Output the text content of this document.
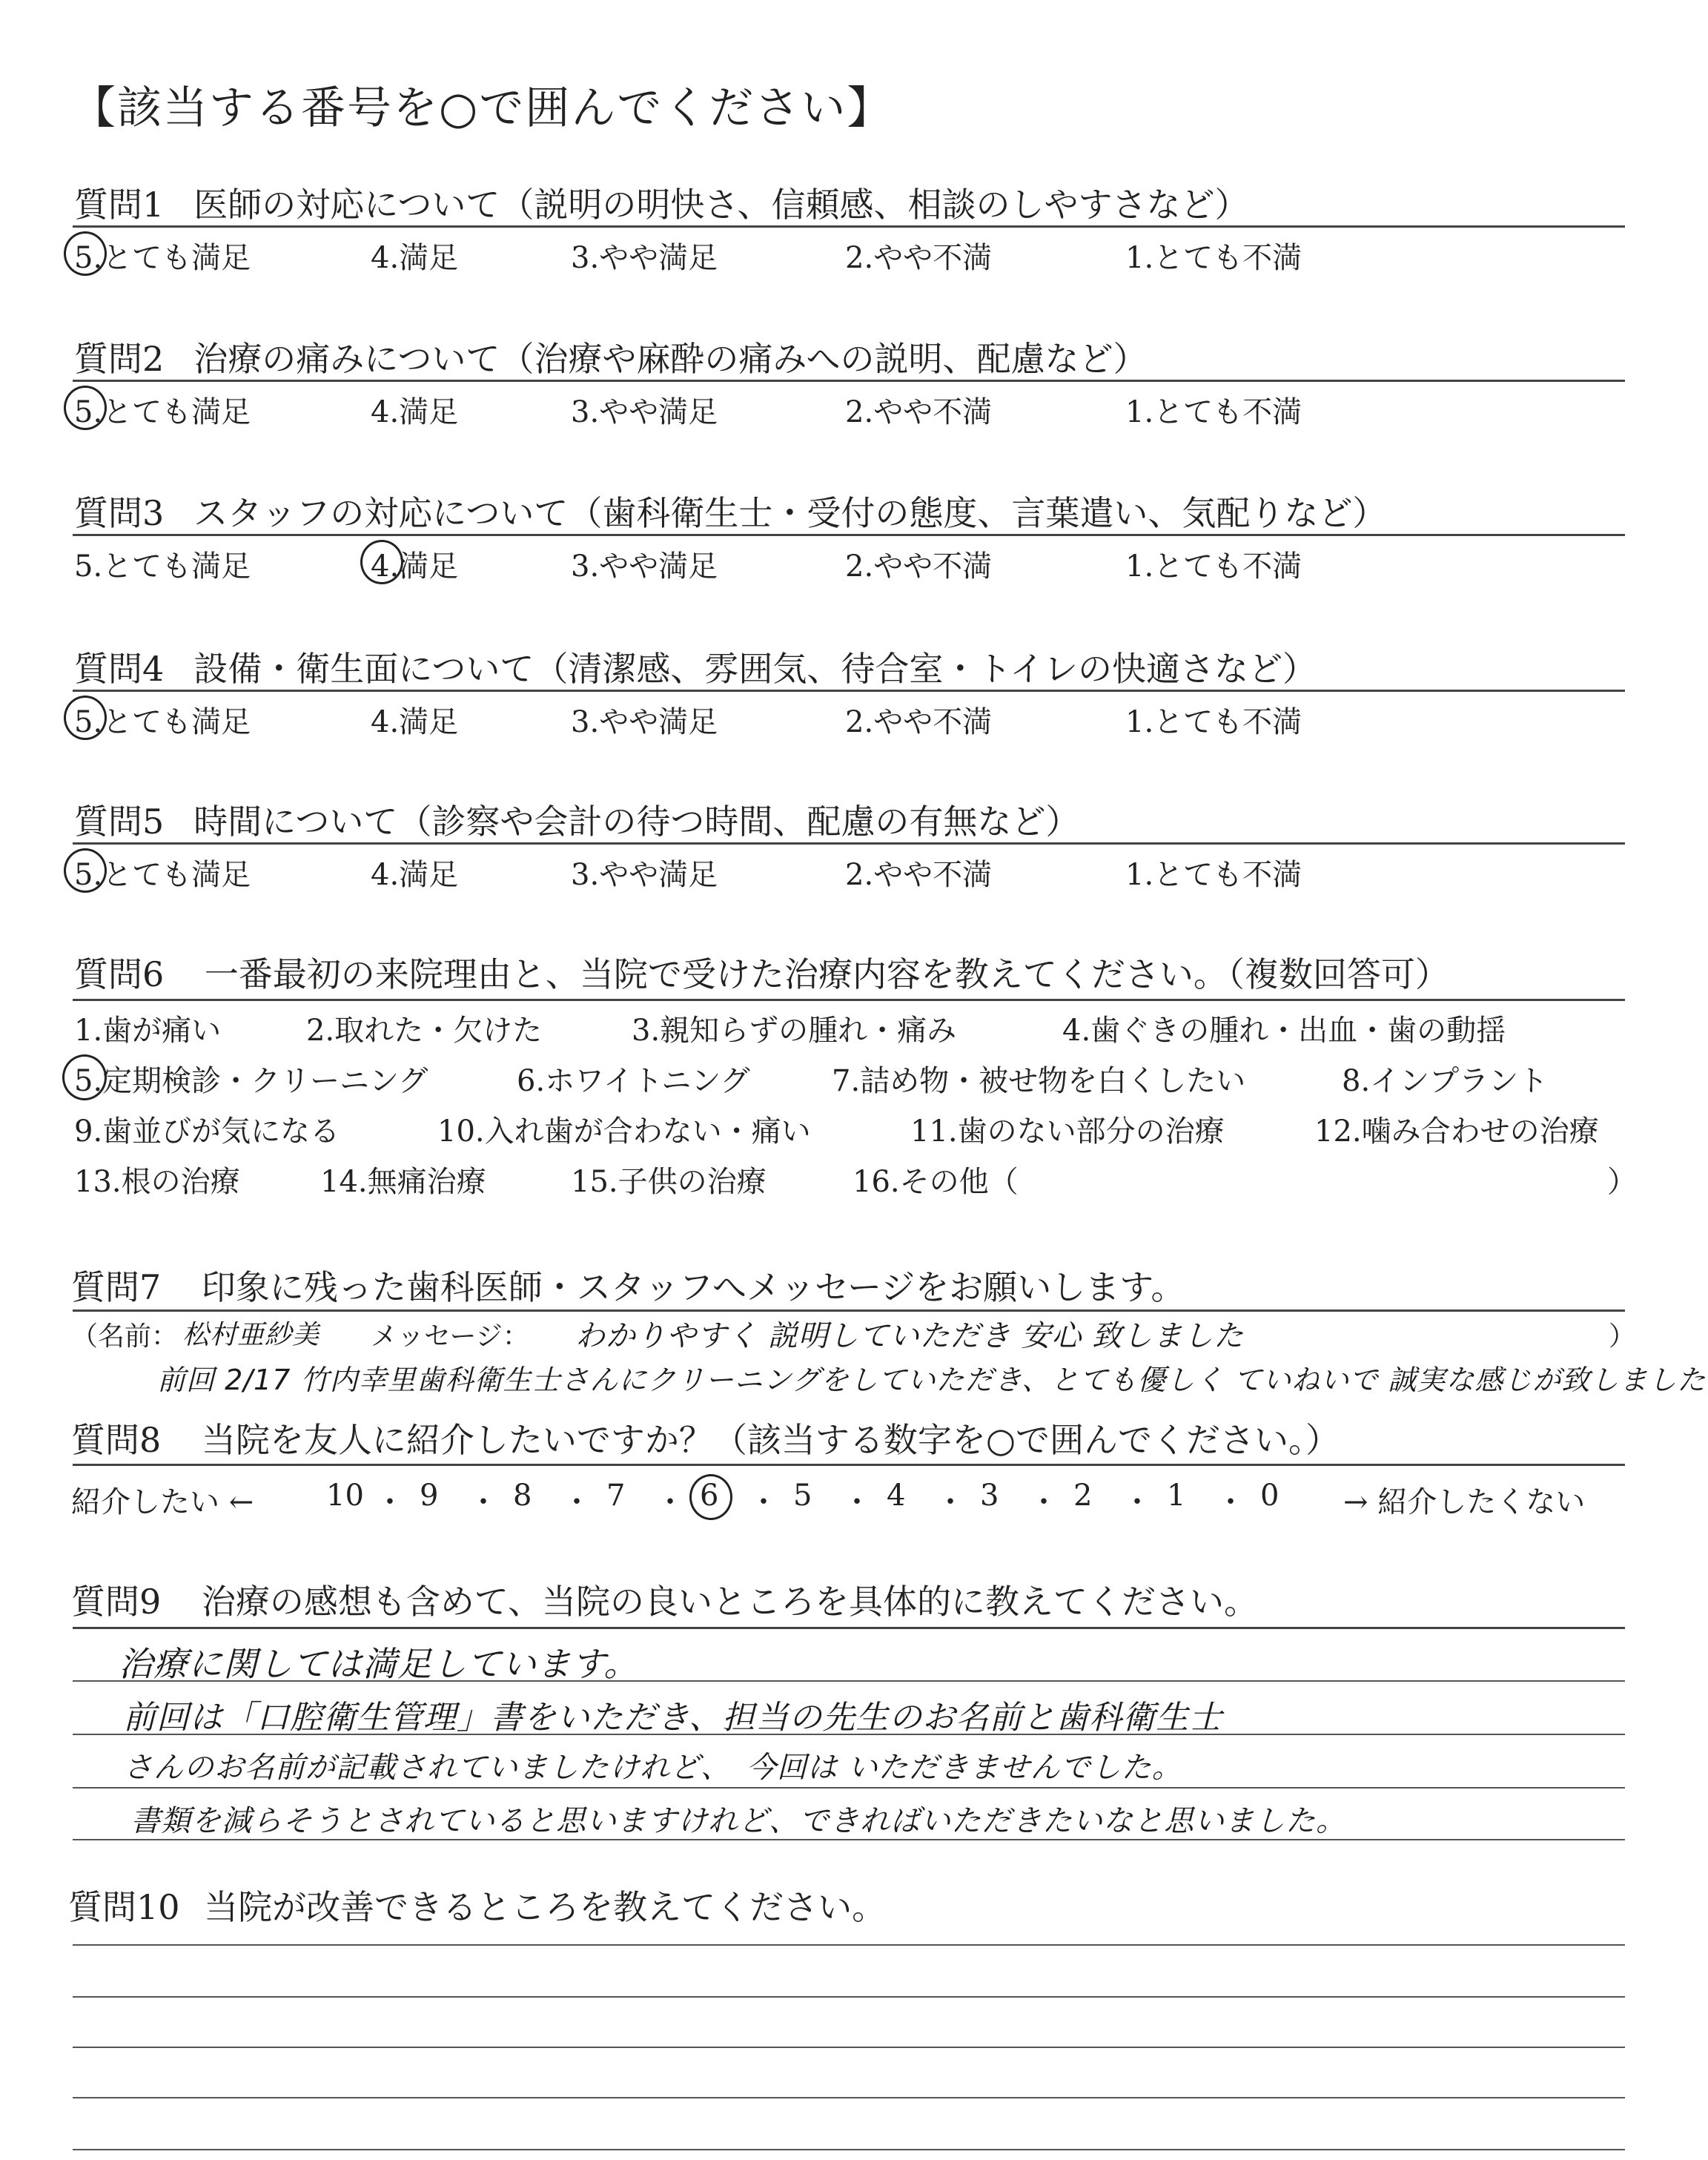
【該当する番号を○で囲んでください】
質問1 医師の対応について（説明の明快さ、信頼感、相談のしやすさなど）
5.とても満足	4.満足	3.やや満足	2.やや不満	1.とても不満
質問2 治療の痛みについて（治療や麻酔の痛みへの説明、配慮など）
5.とても満足	4.満足	3.やや満足	2.やや不満	1.とても不満
質問3 スタッフの対応について（歯科衛生士・受付の態度、言葉遣い、気配りなど）
5.とても満足	4.満足	3.やや満足	2.やや不満	1.とても不満
質問4 設備・衛生面について（清潔感、雰囲気、待合室・トイレの快適さなど）
5.とても満足	4.満足	3.やや満足	2.やや不満	1.とても不満
質問5 時間について（診察や会計の待つ時間、配慮の有無など）
5.とても満足	4.満足	3.やや満足	2.やや不満	1.とても不満
質問6 一番最初の来院理由と、当院で受けた治療内容を教えてください。（複数回答可）
1.歯が痛い	2.取れた・欠けた	3.親知らずの腫れ・痛み	4.歯ぐきの腫れ・出血・歯の動揺
5.定期検診・クリーニング	6.ホワイトニング	7.詰め物・被せ物を白くしたい	8.インプラント
9.歯並びが気になる	10.入れ歯が合わない・痛い	11.歯のない部分の治療	12.噛み合わせの治療
13.根の治療	14.無痛治療	15.子供の治療	16.その他（	）
質問7 印象に残った歯科医師・スタッフへメッセージをお願いします。
（名前： 松村亜紗美 メッセージ： わかりやすく 説明していただき 安心 致しました	）
前回 2/17 竹内幸里歯科衛生士さんにクリーニングをしていただき、とても優しく ていねいで 誠実な感じが致しました
質問8 当院を友人に紹介したいですか？（該当する数字を○で囲んでください。）
紹介したい ← 10 ・ 9 ・ 8 ・ 7 ・ 6 ・ 5 ・ 4 ・ 3 ・ 2 ・ 1 ・ 0 → 紹介したくない
質問9 治療の感想も含めて、当院の良いところを具体的に教えてください。
治療に関しては満足しています。
前回は「口腔衛生管理」書をいただき、担当の先生のお名前と歯科衛生士
さんのお名前が記載されていましたけれど、　今回は いただきませんでした。
書類を減らそうとされていると思いますけれど、できればいただきたいなと思いました。
質問10 当院が改善できるところを教えてください。
